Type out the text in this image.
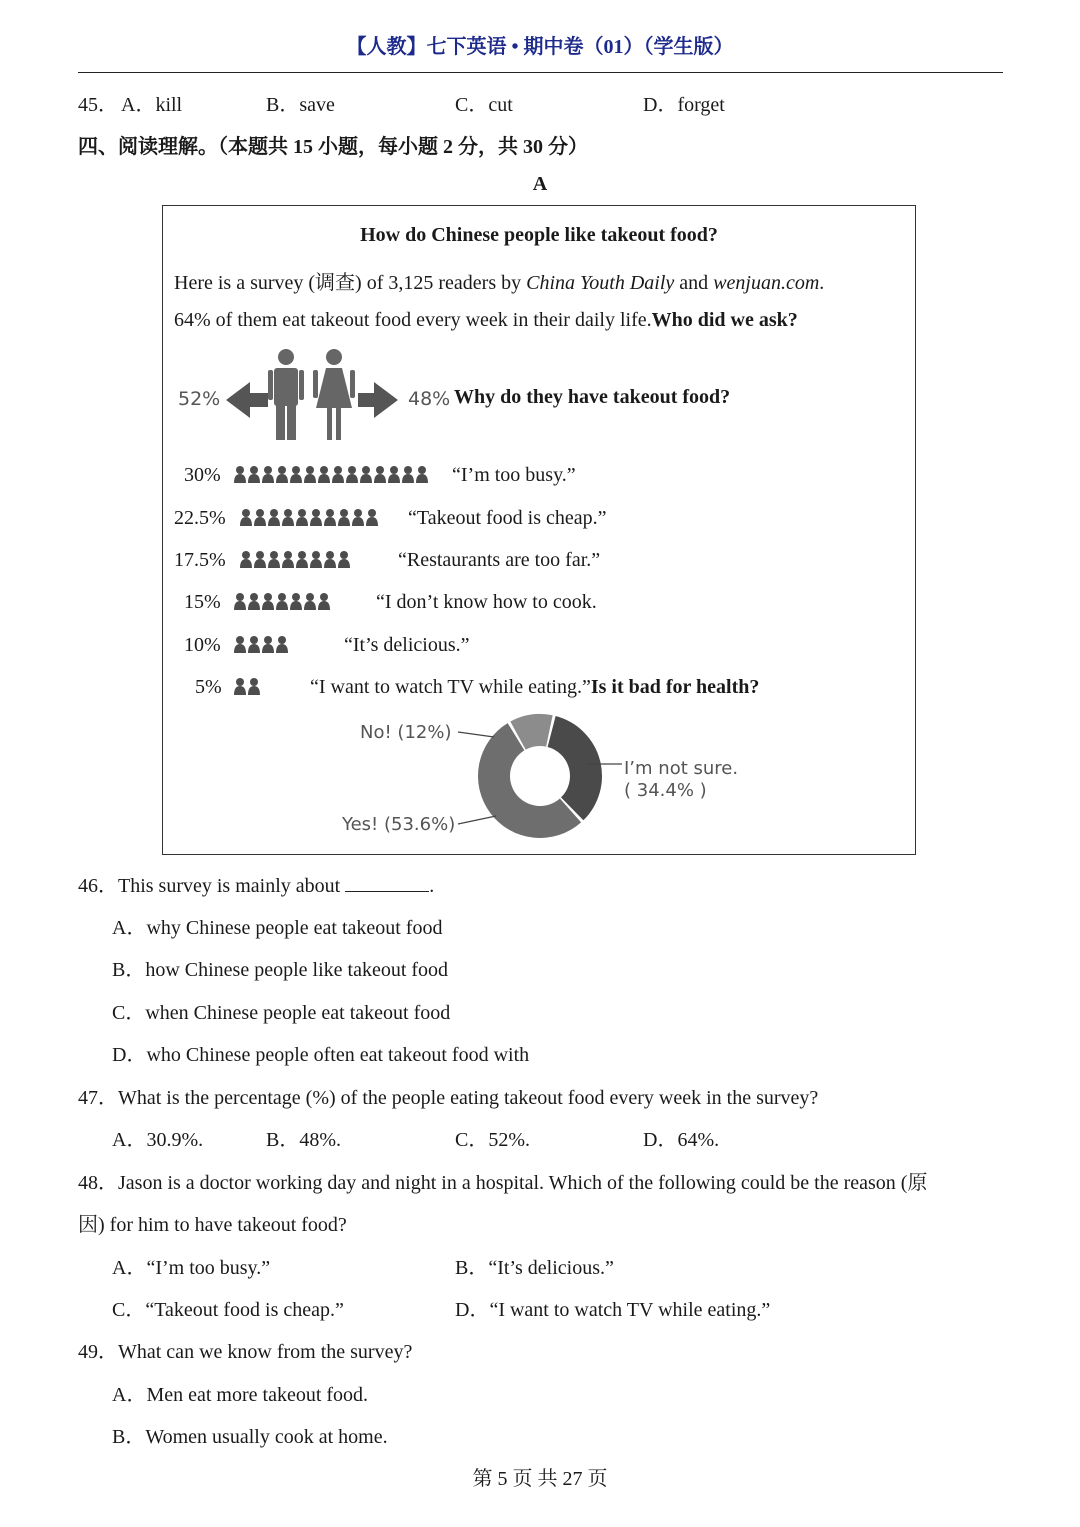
【人教】七下英语 • 期中卷（01）（学生版）
45． A．kill	B．save	C．cut	D．forget
四、阅读理解。（本题共 15 小题，每小题 2 分，共 30 分）
A
How do Chinese people like takeout food?
Here is a survey (调查) of 3,125 readers by China Youth Daily and wenjuan.com.
64% of them eat takeout food every week in their daily life.Who did we ask?
52%	48% Why do they have takeout food?
30%	“I’m too busy.”
22.5%	“Takeout food is cheap.”
17.5%	“Restaurants are too far.”
15%	“I don’t know how to cook.
10%	“It’s delicious.”
5%	“I want to watch TV while eating.”Is it bad for health?
No! (12%)
I’m not sure.
( 34.4% )
Yes! (53.6%)
46．This survey is mainly about	.
A．why Chinese people eat takeout food
B．how Chinese people like takeout food
C．when Chinese people eat takeout food
D．who Chinese people often eat takeout food with
47．What is the percentage (%) of the people eating takeout food every week in the survey?
A．30.9%.	B．48%.	C．52%.	D．64%.
48．Jason is a doctor working day and night in a hospital. Which of the following could be the reason (原
因) for him to have takeout food?
A．“I’m too busy.”	B．“It’s delicious.”
C．“Takeout food is cheap.”	D．“I want to watch TV while eating.”
49．What can we know from the survey?
A．Men eat more takeout food.
B．Women usually cook at home.
第 5 页 共 27 页
